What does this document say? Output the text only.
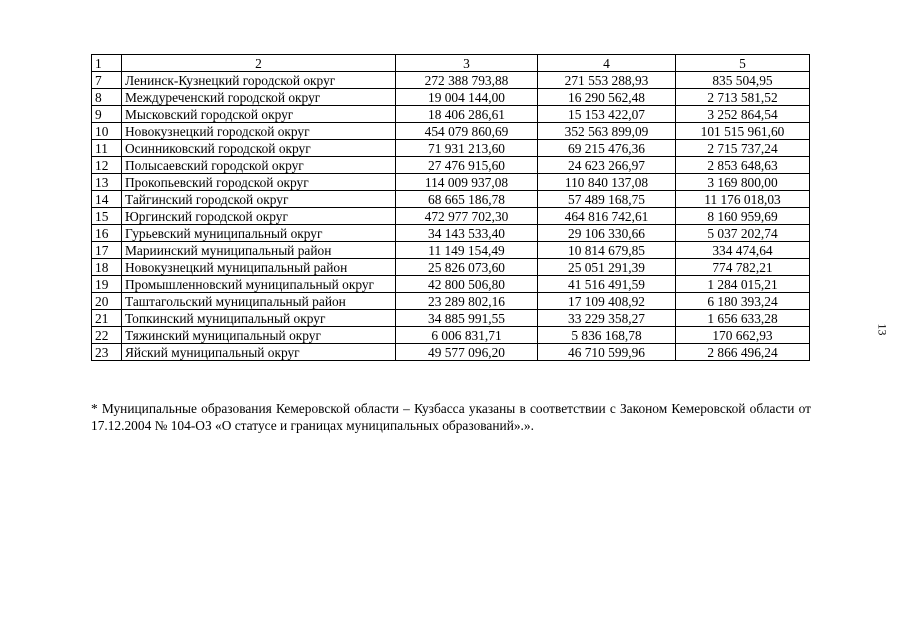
1	2	3	4	5
7	Ленинск-Кузнецкий городской округ	272 388 793,88	271 553 288,93	835 504,95
8	Междуреченский городской округ	19 004 144,00	16 290 562,48	2 713 581,52
9	Мысковский городской округ	18 406 286,61	15 153 422,07	3 252 864,54
10	Новокузнецкий городской округ	454 079 860,69	352 563 899,09	101 515 961,60
11	Осинниковский городской округ	71 931 213,60	69 215 476,36	2 715 737,24
12	Полысаевский городской округ	27 476 915,60	24 623 266,97	2 853 648,63
13	Прокопьевский городской округ	114 009 937,08	110 840 137,08	3 169 800,00
14	Тайгинский городской округ	68 665 186,78	57 489 168,75	11 176 018,03
15	Юргинский городской округ	472 977 702,30	464 816 742,61	8 160 959,69
16	Гурьевский муниципальный округ	34 143 533,40	29 106 330,66	5 037 202,74
17	Мариинский муниципальный район	11 149 154,49	10 814 679,85	334 474,64
18	Новокузнецкий муниципальный район	25 826 073,60	25 051 291,39	774 782,21
19	Промышленновский муниципальный округ	42 800 506,80	41 516 491,59	1 284 015,21
20	Таштагольский муниципальный район	23 289 802,16	17 109 408,92	6 180 393,24
21	Топкинский муниципальный округ	34 885 991,55	33 229 358,27	1 656 633,28
22	Тяжинский муниципальный округ	6 006 831,71	5 836 168,78	170 662,93
23	Яйский муниципальный округ	49 577 096,20	46 710 599,96	2 866 496,24
* Муниципальные образования Кемеровской области – Кузбасса указаны в соответствии с Законом Кемеровской области от 17.12.2004 № 104-ОЗ «О статусе и границах муниципальных образований».».
13
